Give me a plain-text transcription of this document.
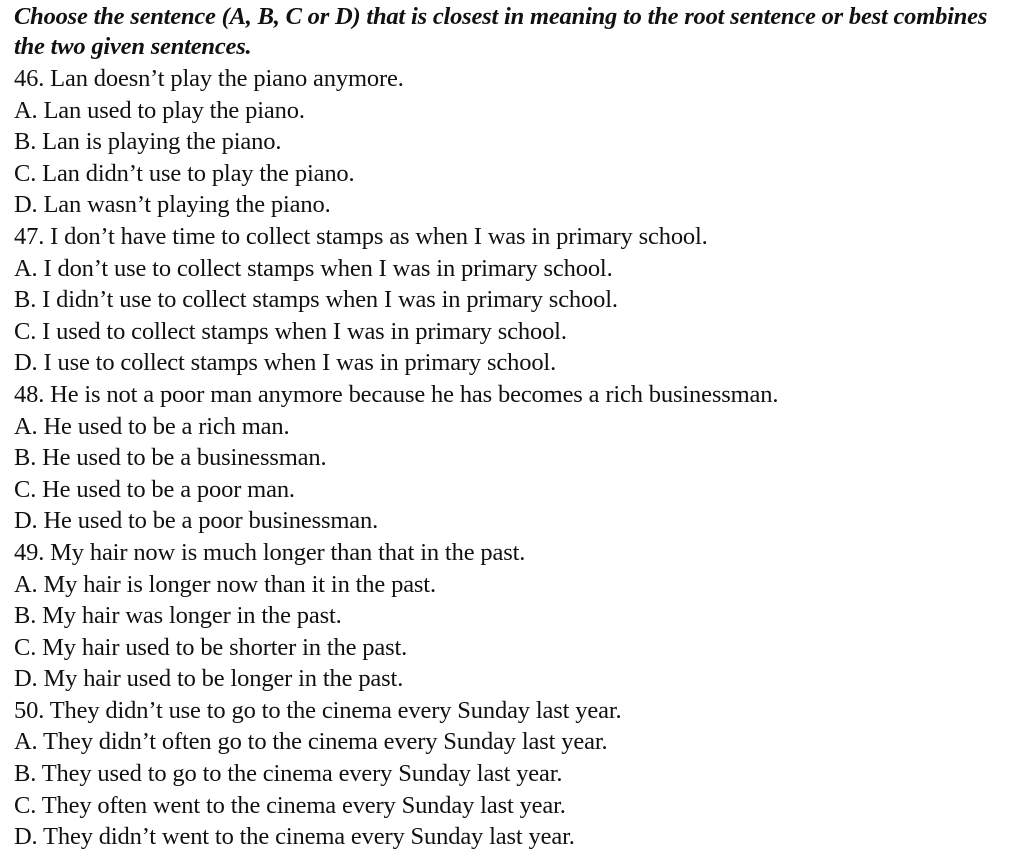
Choose the sentence (A, B, C or D) that is closest in meaning to the root sentence or best combines the two given sentences.
46. Lan doesn’t play the piano anymore.
A. Lan used to play the piano.
B. Lan is playing the piano.
C. Lan didn’t use to play the piano.
D. Lan wasn’t playing the piano.
47. I don’t have time to collect stamps as when I was in primary school.
A. I don’t use to collect stamps when I was in primary school.
B. I didn’t use to collect stamps when I was in primary school.
C. I used to collect stamps when I was in primary school.
D. I use to collect stamps when I was in primary school.
48. He is not a poor man anymore because he has becomes a rich businessman.
A. He used to be a rich man.
B. He used to be a businessman.
C. He used to be a poor man.
D. He used to be a poor businessman.
49. My hair now is much longer than that in the past.
A. My hair is longer now than it in the past.
B. My hair was longer in the past.
C. My hair used to be shorter in the past.
D. My hair used to be longer in the past.
50. They didn’t use to go to the cinema every Sunday last year.
A. They didn’t often go to the cinema every Sunday last year.
B. They used to go to the cinema every Sunday last year.
C. They often went to the cinema every Sunday last year.
D. They didn’t went to the cinema every Sunday last year.
